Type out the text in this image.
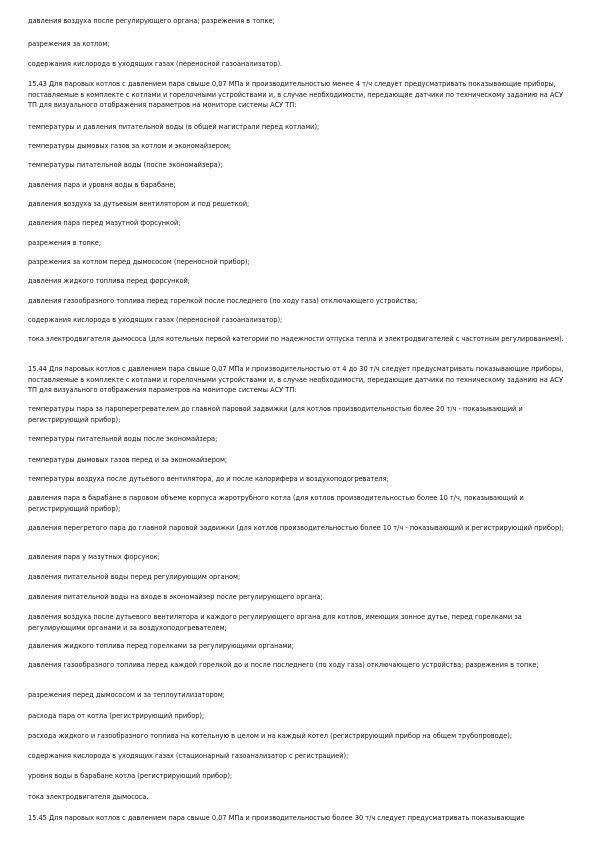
давления воздуха после регулирующего органа; разрежения в топке;

разрежения за котлом;

содержания кислорода в уходящих газах (переносной газоанализатор).

15.43 Для паровых котлов с давлением пара свыше 0,07 МПа и производительностью менее 4 т/ч следует предусматривать показывающие приборы, поставляемые в комплекте с котлами и горелочными устройствами и, в случае необходимости, передающие датчики по техническому заданию на АСУ ТП для визуального отображения параметров на мониторе системы АСУ ТП:

температуры и давления питательной воды (в общей магистрали перед котлами);

температуры дымовых газов за котлом и экономайзером;

температуры питательной воды (после экономайзера);

давления пара и уровня воды в барабане;

давления воздуха за дутьевым вентилятором и под решеткой;

давления пара перед мазутной форсункой;

разрежения в топке;

разрежения за котлом перед дымососом (переносной прибор);

давления жидкого топлива перед форсункой;

давления газообразного топлива перед горелкой после последнего (по ходу газа) отключающего устройства;

содержания кислорода в уходящих газах (переносной газоанализатор);

тока электродвигателя дымососа (для котельных первой категории по надежности отпуска тепла и электродвигателей с частотным регулированием).

15.44 Для паровых котлов с давлением пара свыше 0,07 МПа и производительностью от 4 до 30 т/ч следует предусматривать показывающие приборы, поставляемые в комплекте с котлами и горелочными устройствами и, в случае необходимости, передающие датчики по техническому заданию на АСУ ТП для визуального отображения параметров на мониторе системы АСУ ТП:

температуры пара за пароперегревателем до главной паровой задвижки (для котлов производительностью более 20 т/ч - показывающий и регистрирующий прибор);

температуры питательной воды после экономайзера;

температуры дымовых газов перед и за экономайзером;

температуры воздуха после дутьевого вентилятора, до и после калорифера и воздухоподогревателя;

давления пара в барабане в паровом объеме корпуса жаротрубного котла (для котлов производительностью более 10 т/ч, показывающий и регистрирующий прибор);

давления перегретого пара до главной паровой задвижки (для котлов производительностью более 10 т/ч - показывающий и регистрирующий прибор);

давления пара у мазутных форсунок;

давления питательной воды перед регулирующим органом;

давления питательной воды на входе в экономайзер после регулирующего органа;

давления воздуха после дутьевого вентилятора и каждого регулирующего органа для котлов, имеющих зонное дутье, перед горелками за регулирующими органами и за воздухоподогревателем;

давления жидкого топлива перед горелками за регулирующими органами;

давления газообразного топлива перед каждой горелкой до и после последнего (по ходу газа) отключающего устройства; разрежения в топке;

разрежения перед дымососом и за теплоутилизатором;

расхода пара от котла (регистрирующий прибор);

расхода жидкого и газообразного топлива на котельную в целом и на каждый котел (регистрирующий прибор на общем трубопроводе);

содержания кислорода в уходящих газах (стационарный газоанализатор с регистрацией);

уровня воды в барабане котла (регистрирующий прибор);

тока электродвигателя дымососа.

15.45 Для паровых котлов с давлением пара свыше 0,07 МПа и производительностью более 30 т/ч следует предусматривать показывающие
